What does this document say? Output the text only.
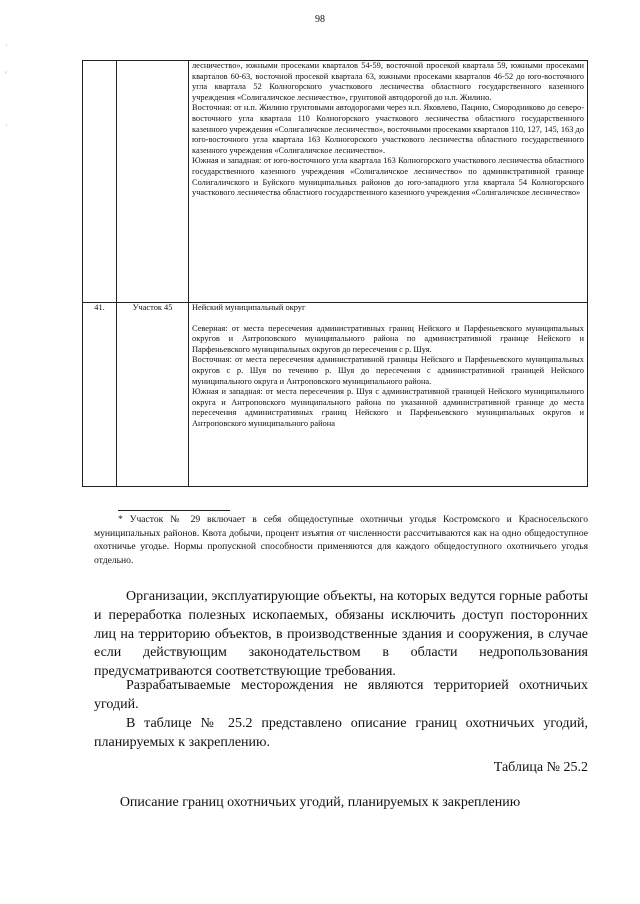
·

'

·
98

		лесничество», южными просеками кварталов 54-59, восточной просекой квартала 59, южными просеками кварталов 60-63, восточной просекой квартала 63, южными просеками кварталов 46-52 до юго-восточного угла квартала 52 Колногорского участкового лесничества областного государственного казенного учреждения «Солигаличское лесничество», грунтовой автодорогой до н.п. Жилино.

Восточная: от н.п. Жилино грунтовыми автодорогами через н.п. Яковлево, Пацино, Смородниково до северо-восточного угла квартала 110 Колногорского участкового лесничества областного государственного казенного учреждения «Солигаличское лесничество», восточными просеками кварталов 110, 127, 145, 163 до юго-восточного угла квартала 163 Колногорского участкового лесничества областного государственного казенного учреждения «Солигаличское лесничество».

Южная и западная: от юго-восточного угла квартала 163 Колногорского участкового лесничества областного государственного казенного учреждения «Солигаличское лесничество» по административной границе Солигаличского и Буйского муниципальных районов до юго-западного угла квартала 54 Колногорского участкового лесничества областного государственного казенного учреждения «Солигаличское лесничество»

41.	Участок 45	Нейский муниципальный округ

Северная: от места пересечения административных границ Нейского и Парфеньевского муниципальных округов и Антроповского муниципального района по административной границе Нейского и Парфеньевского муниципальных округов до пересечения с р. Шуя.

Восточная: от места пересечения административной границы Нейского и Парфеньевского муниципальных округов с р. Шуя по течению р. Шуя до пересечения с административной границей Нейского муниципального округа и Антроповского муниципального района.

Южная и западная: от места пересечения р. Шуя с административной границей Нейского муниципального округа и Антроповского муниципального района по указанной административной границе до места пересечения административных границ Нейского и Парфеньевского муниципальных округов и Антроповского муниципального района

* Участок № 29 включает в себя общедоступные охотничьи угодья Костромского и Красносельского муниципальных районов. Квота добычи, процент изъятия от численности рассчитываются как на одно общедоступное охотничье угодье. Нормы пропускной способности применяются для каждого общедоступного охотничьего угодья отдельно.

Организации, эксплуатирующие объекты, на которых ведутся горные работы и переработка полезных ископаемых, обязаны исключить доступ посторонних лиц на территорию объектов, в производственные здания и сооружения, в случае если действующим законодательством в области недропользования предусматриваются соответствующие требования.

Разрабатываемые месторождения не являются территорией охотничьих угодий.

В таблице № 25.2 представлено описание границ охотничьих угодий, планируемых к закреплению.

Таблица № 25.2
Описание границ охотничьих угодий, планируемых к закреплению
